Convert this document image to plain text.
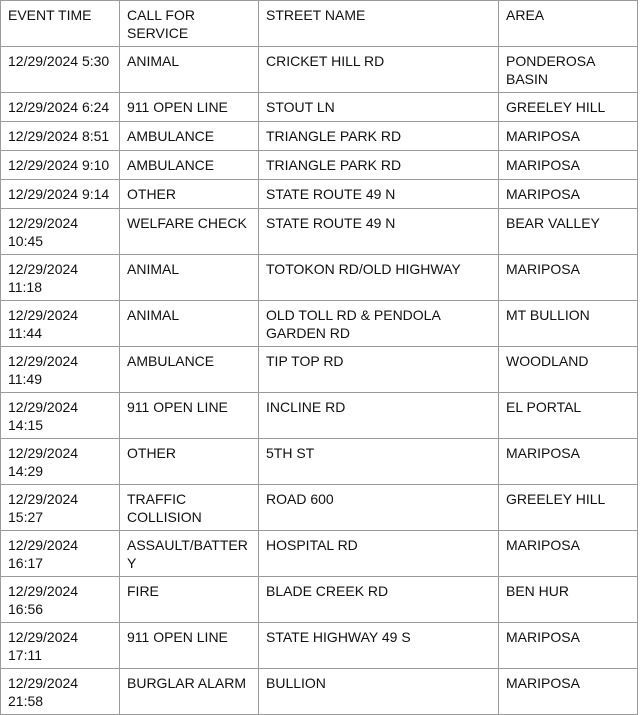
EVENT TIME	CALL FOR SERVICE	STREET NAME	AREA
12/29/2024 5:30	ANIMAL	CRICKET HILL RD	PONDEROSA BASIN
12/29/2024 6:24	911 OPEN LINE	STOUT LN	GREELEY HILL
12/29/2024 8:51	AMBULANCE	TRIANGLE PARK RD	MARIPOSA
12/29/2024 9:10	AMBULANCE	TRIANGLE PARK RD	MARIPOSA
12/29/2024 9:14	OTHER	STATE ROUTE 49 N	MARIPOSA
12/29/2024 10:45	WELFARE CHECK	STATE ROUTE 49 N	BEAR VALLEY
12/29/2024 11:18	ANIMAL	TOTOKON RD/OLD HIGHWAY	MARIPOSA
12/29/2024 11:44	ANIMAL	OLD TOLL RD & PENDOLA GARDEN RD	MT BULLION
12/29/2024 11:49	AMBULANCE	TIP TOP RD	WOODLAND
12/29/2024 14:15	911 OPEN LINE	INCLINE RD	EL PORTAL
12/29/2024 14:29	OTHER	5TH ST	MARIPOSA
12/29/2024 15:27	TRAFFIC COLLISION	ROAD 600	GREELEY HILL
12/29/2024 16:17	ASSAULT/BATTERY	HOSPITAL RD	MARIPOSA
12/29/2024 16:56	FIRE	BLADE CREEK RD	BEN HUR
12/29/2024 17:11	911 OPEN LINE	STATE HIGHWAY 49 S	MARIPOSA
12/29/2024 21:58	BURGLAR ALARM	BULLION	MARIPOSA
